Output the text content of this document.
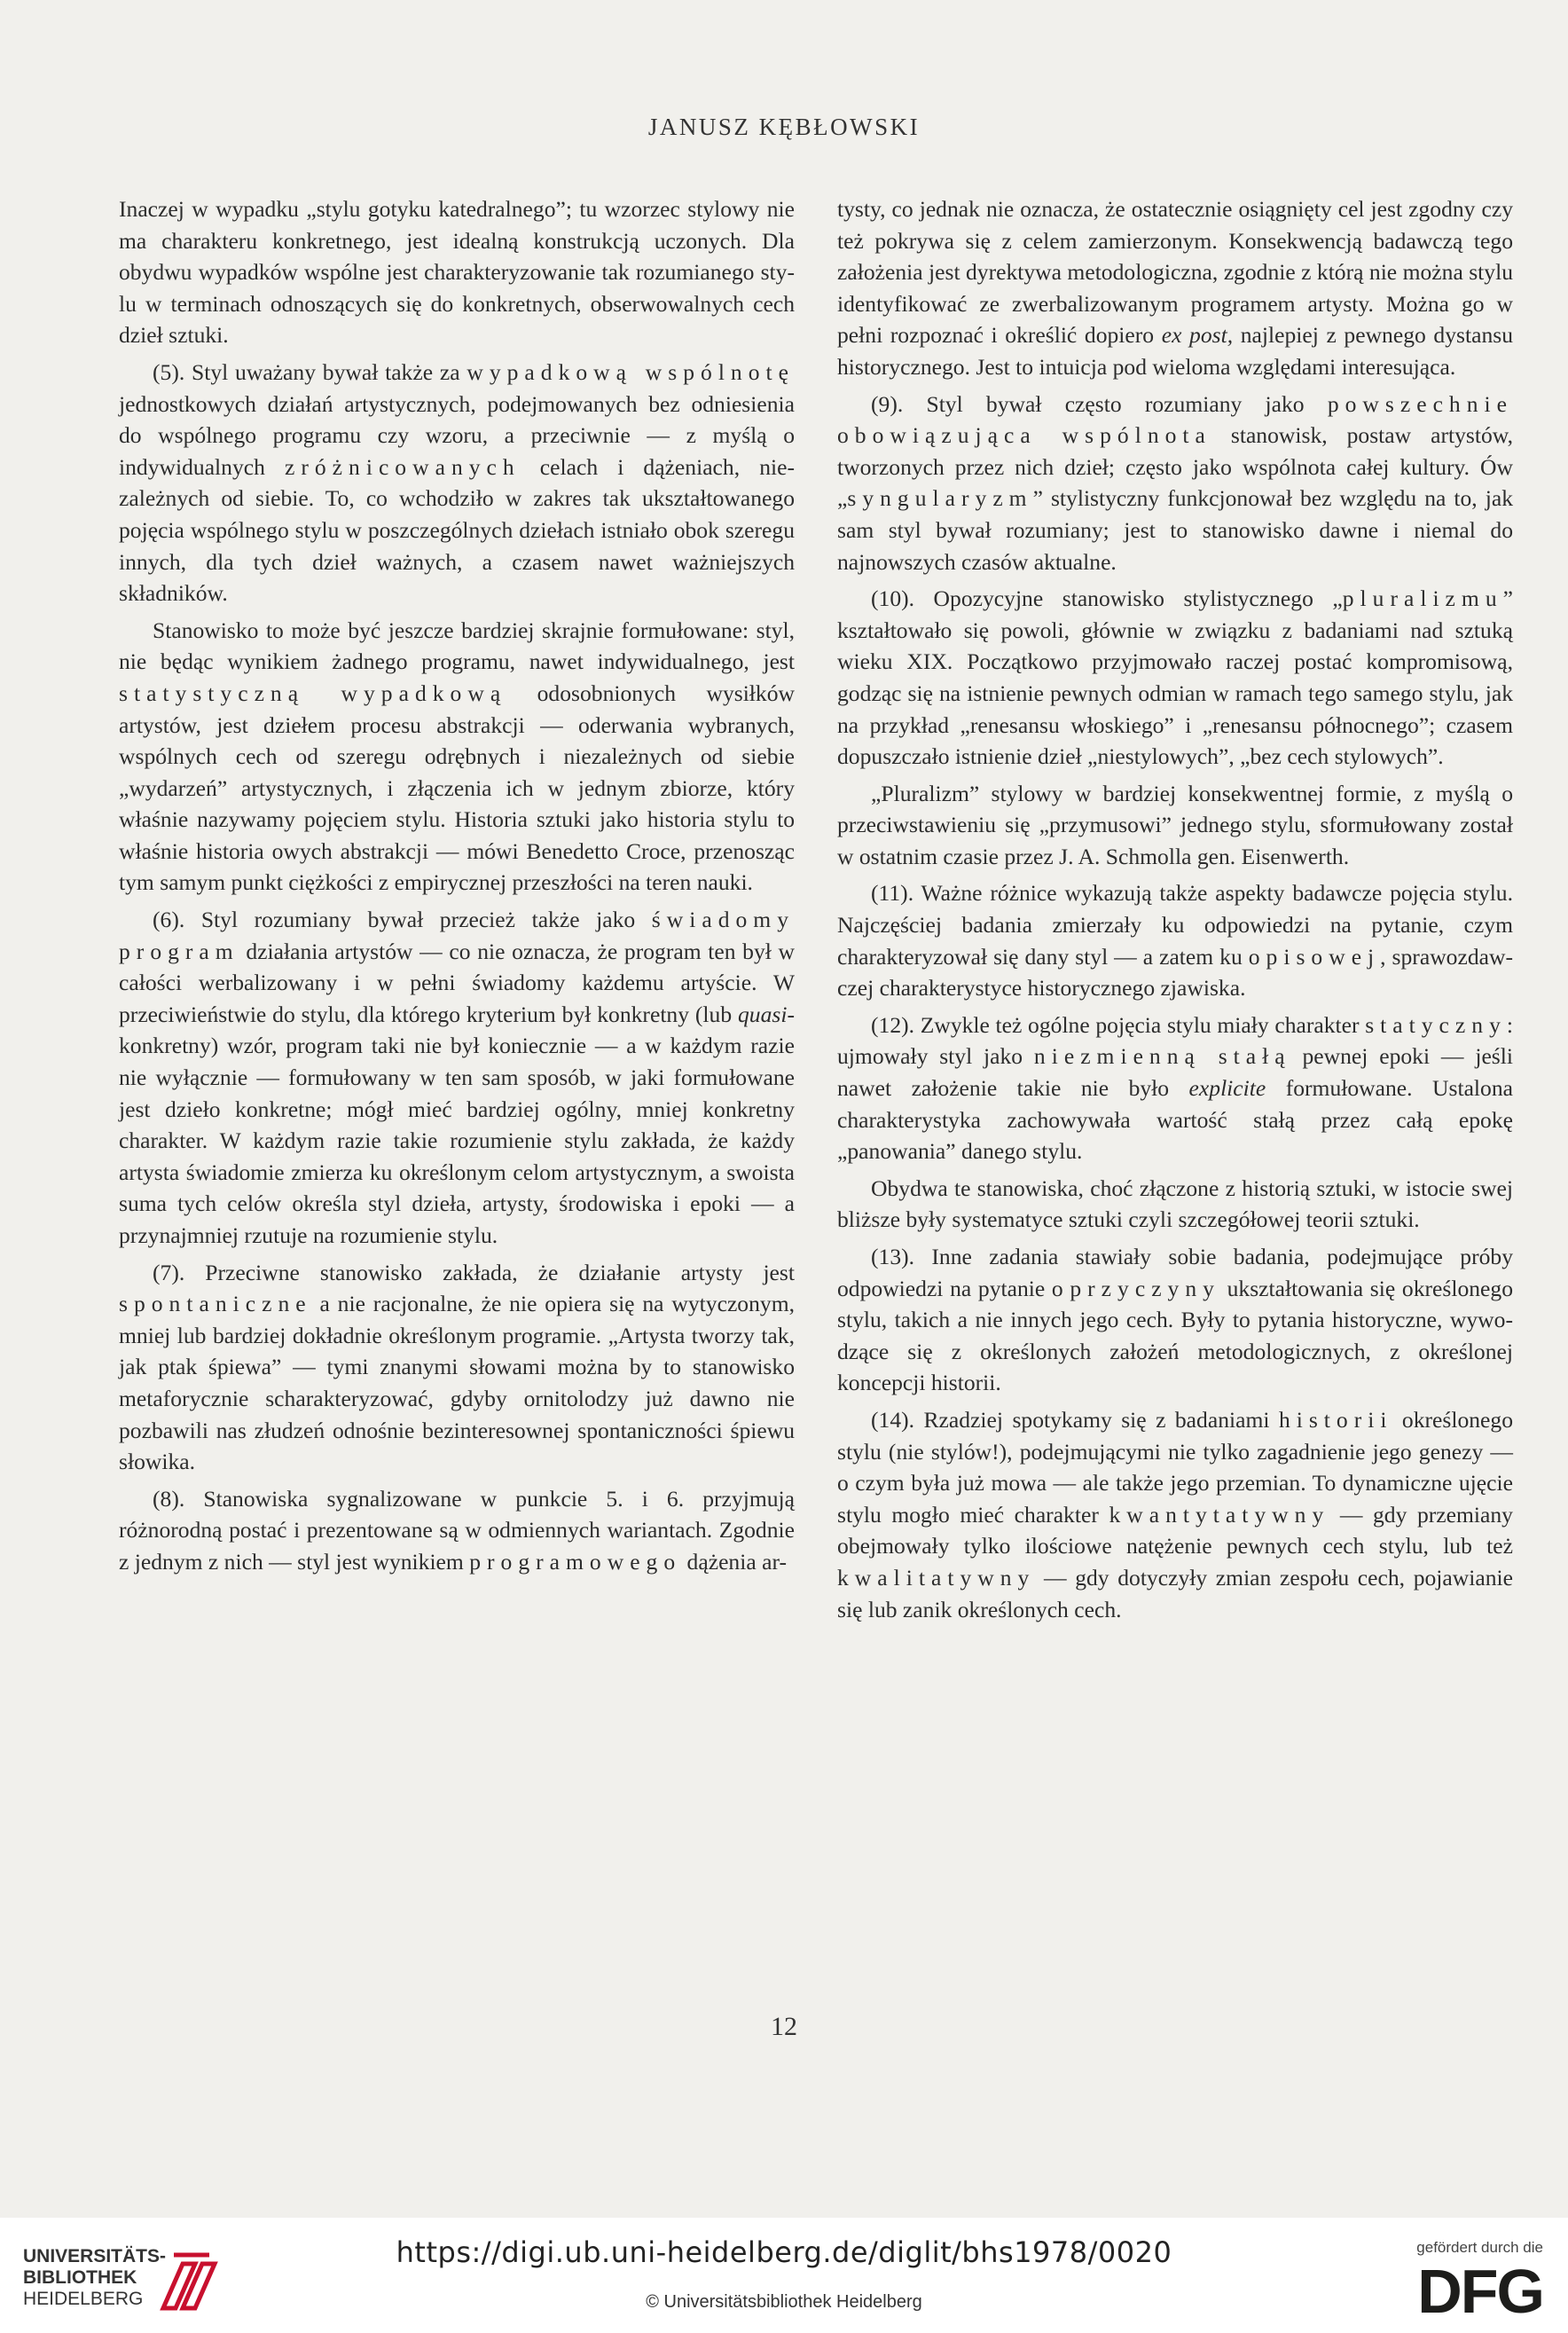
JANUSZ KĘBŁOWSKI

Inaczej w wypadku „stylu gotyku katedralnego”; tu wzorzec stylowy nie ma charakteru konkretnego, jest idealną konstrukcją uczonych. Dla obydwu wypadków wspólne jest charakteryzowanie tak rozumianego stylu w terminach odnoszących się do konkretnych, obserwowalnych cech dzieł sztuki.

(5). Styl uważany bywał także za wypadkową wspólnotę jednostkowych działań artystycznych, podejmowanych bez odniesienia do wspólnego programu czy wzoru, a przeciwnie — z myślą o indywidualnych zróżnicowanych celach i dążeniach, niezależnych od siebie. To, co wchodziło w zakres tak ukształtowanego pojęcia wspólnego stylu w poszczególnych dziełach istniało obok szeregu innych, dla tych dzieł ważnych, a czasem nawet ważniejszych składników.

Stanowisko to może być jeszcze bardziej skrajnie formułowane: styl, nie będąc wynikiem żadnego programu, nawet indywidualnego, jest statystyczną wypadkową odosobnionych wysiłków artystów, jest dziełem procesu abstrakcji — oderwania wybranych, wspólnych cech od szeregu odrębnych i niezależnych od siebie „wydarzeń” artystycznych, i złączenia ich w jednym zbiorze, który właśnie nazywamy pojęciem stylu. Historia sztuki jako historia stylu to właśnie historia owych abstrakcji — mówi Benedetto Croce, przenosząc tym samym punkt ciężkości z empirycznej przeszłości na teren nauki.

(6). Styl rozumiany bywał przecież także jako świadomy program działania artystów — co nie oznacza, że program ten był w całości werbalizowany i w pełni świadomy każdemu artyście. W przeciwieństwie do stylu, dla którego kryterium był konkretny (lub quasi-konkretny) wzór, program taki nie był koniecznie — a w każdym razie nie wyłącznie — formułowany w ten sam sposób, w jaki formułowane jest dzieło konkretne; mógł mieć bardziej ogólny, mniej konkretny charakter. W każdym razie takie rozumienie stylu zakłada, że każdy artysta świadomie zmierza ku określonym celom artystycznym, a swoista suma tych celów określa styl dzieła, artysty, środowiska i epoki — a przynajmniej rzutuje na rozumienie stylu.

(7). Przeciwne stanowisko zakłada, że działanie artysty jest spontaniczne a nie racjonalne, że nie opiera się na wytyczonym, mniej lub bardziej dokładnie określonym programie. „Artysta tworzy tak, jak ptak śpiewa” — tymi znanymi słowami można by to stanowisko metaforycznie scharakteryzować, gdyby ornitolodzy już dawno nie pozbawili nas złudzeń odnośnie bezinteresownej spontaniczności śpiewu słowika.

(8). Stanowiska sygnalizowane w punkcie 5. i 6. przyjmują różnorodną postać i prezentowane są w odmiennych wariantach. Zgodnie z jednym z nich — styl jest wynikiem programowego dążenia ar-

tysty, co jednak nie oznacza, że ostatecznie osiągnięty cel jest zgodny czy też pokrywa się z celem zamierzonym. Konsekwencją badawczą tego założenia jest dyrektywa metodologiczna, zgodnie z którą nie można stylu identyfikować ze zwerbalizowanym programem artysty. Można go w pełni rozpoznać i określić dopiero ex post, najlepiej z pewnego dystansu historycznego. Jest to intuicja pod wieloma względami interesująca.

(9). Styl bywał często rozumiany jako powszechnie obowiązująca wspólnota stanowisk, postaw artystów, tworzonych przez nich dzieł; często jako wspólnota całej kultury. Ów „syngularyzm” stylistyczny funkcjonował bez względu na to, jak sam styl bywał rozumiany; jest to stanowisko dawne i niemal do najnowszych czasów aktualne.

(10). Opozycyjne stanowisko stylistycznego „pluralizmu” kształtowało się powoli, głównie w związku z badaniami nad sztuką wieku XIX. Początkowo przyjmowało raczej postać kompromisową, godząc się na istnienie pewnych odmian w ramach tego samego stylu, jak na przykład „renesansu włoskiego” i „renesansu północnego”; czasem dopuszczało istnienie dzieł „niestylowych”, „bez cech stylowych”.

„Pluralizm” stylowy w bardziej konsekwentnej formie, z myślą o przeciwstawieniu się „przymusowi” jednego stylu, sformułowany został w ostatnim czasie przez J. A. Schmolla gen. Eisenwerth.

(11). Ważne różnice wykazują także aspekty badawcze pojęcia stylu. Najczęściej badania zmierzały ku odpowiedzi na pytanie, czym charakteryzował się dany styl — a zatem ku opisowej, sprawozdawczej charakterystyce historycznego zjawiska.

(12). Zwykle też ogólne pojęcia stylu miały charakter statyczny: ujmowały styl jako niezmienną stałą pewnej epoki — jeśli nawet założenie takie nie było explicite formułowane. Ustalona charakterystyka zachowywała wartość stałą przez całą epokę „panowania” danego stylu.

Obydwa te stanowiska, choć złączone z historią sztuki, w istocie swej bliższe były systematyce sztuki czyli szczegółowej teorii sztuki.

(13). Inne zadania stawiały sobie badania, podejmujące próby odpowiedzi na pytanie o przyczyny ukształtowania się określonego stylu, takich a nie innych jego cech. Były to pytania historyczne, wywodzące się z określonych założeń metodologicznych, z określonej koncepcji historii.

(14). Rzadziej spotykamy się z badaniami historii określonego stylu (nie stylów!), podejmującymi nie tylko zagadnienie jego genezy — o czym była już mowa — ale także jego przemian. To dynamiczne ujęcie stylu mogło mieć charakter kwantytatywny — gdy przemiany obejmowały tylko ilościowe natężenie pewnych cech stylu, lub też kwalitatywny — gdy dotyczyły zmian zespołu cech, pojawianie się lub zanik określonych cech.

12
UNIVERSITÄTS-
BIBLIOTHEK
HEIDELBERG
https://digi.ub.uni-heidelberg.de/diglit/bhs1978/0020
© Universitätsbibliothek Heidelberg
gefördert durch die
DFG
